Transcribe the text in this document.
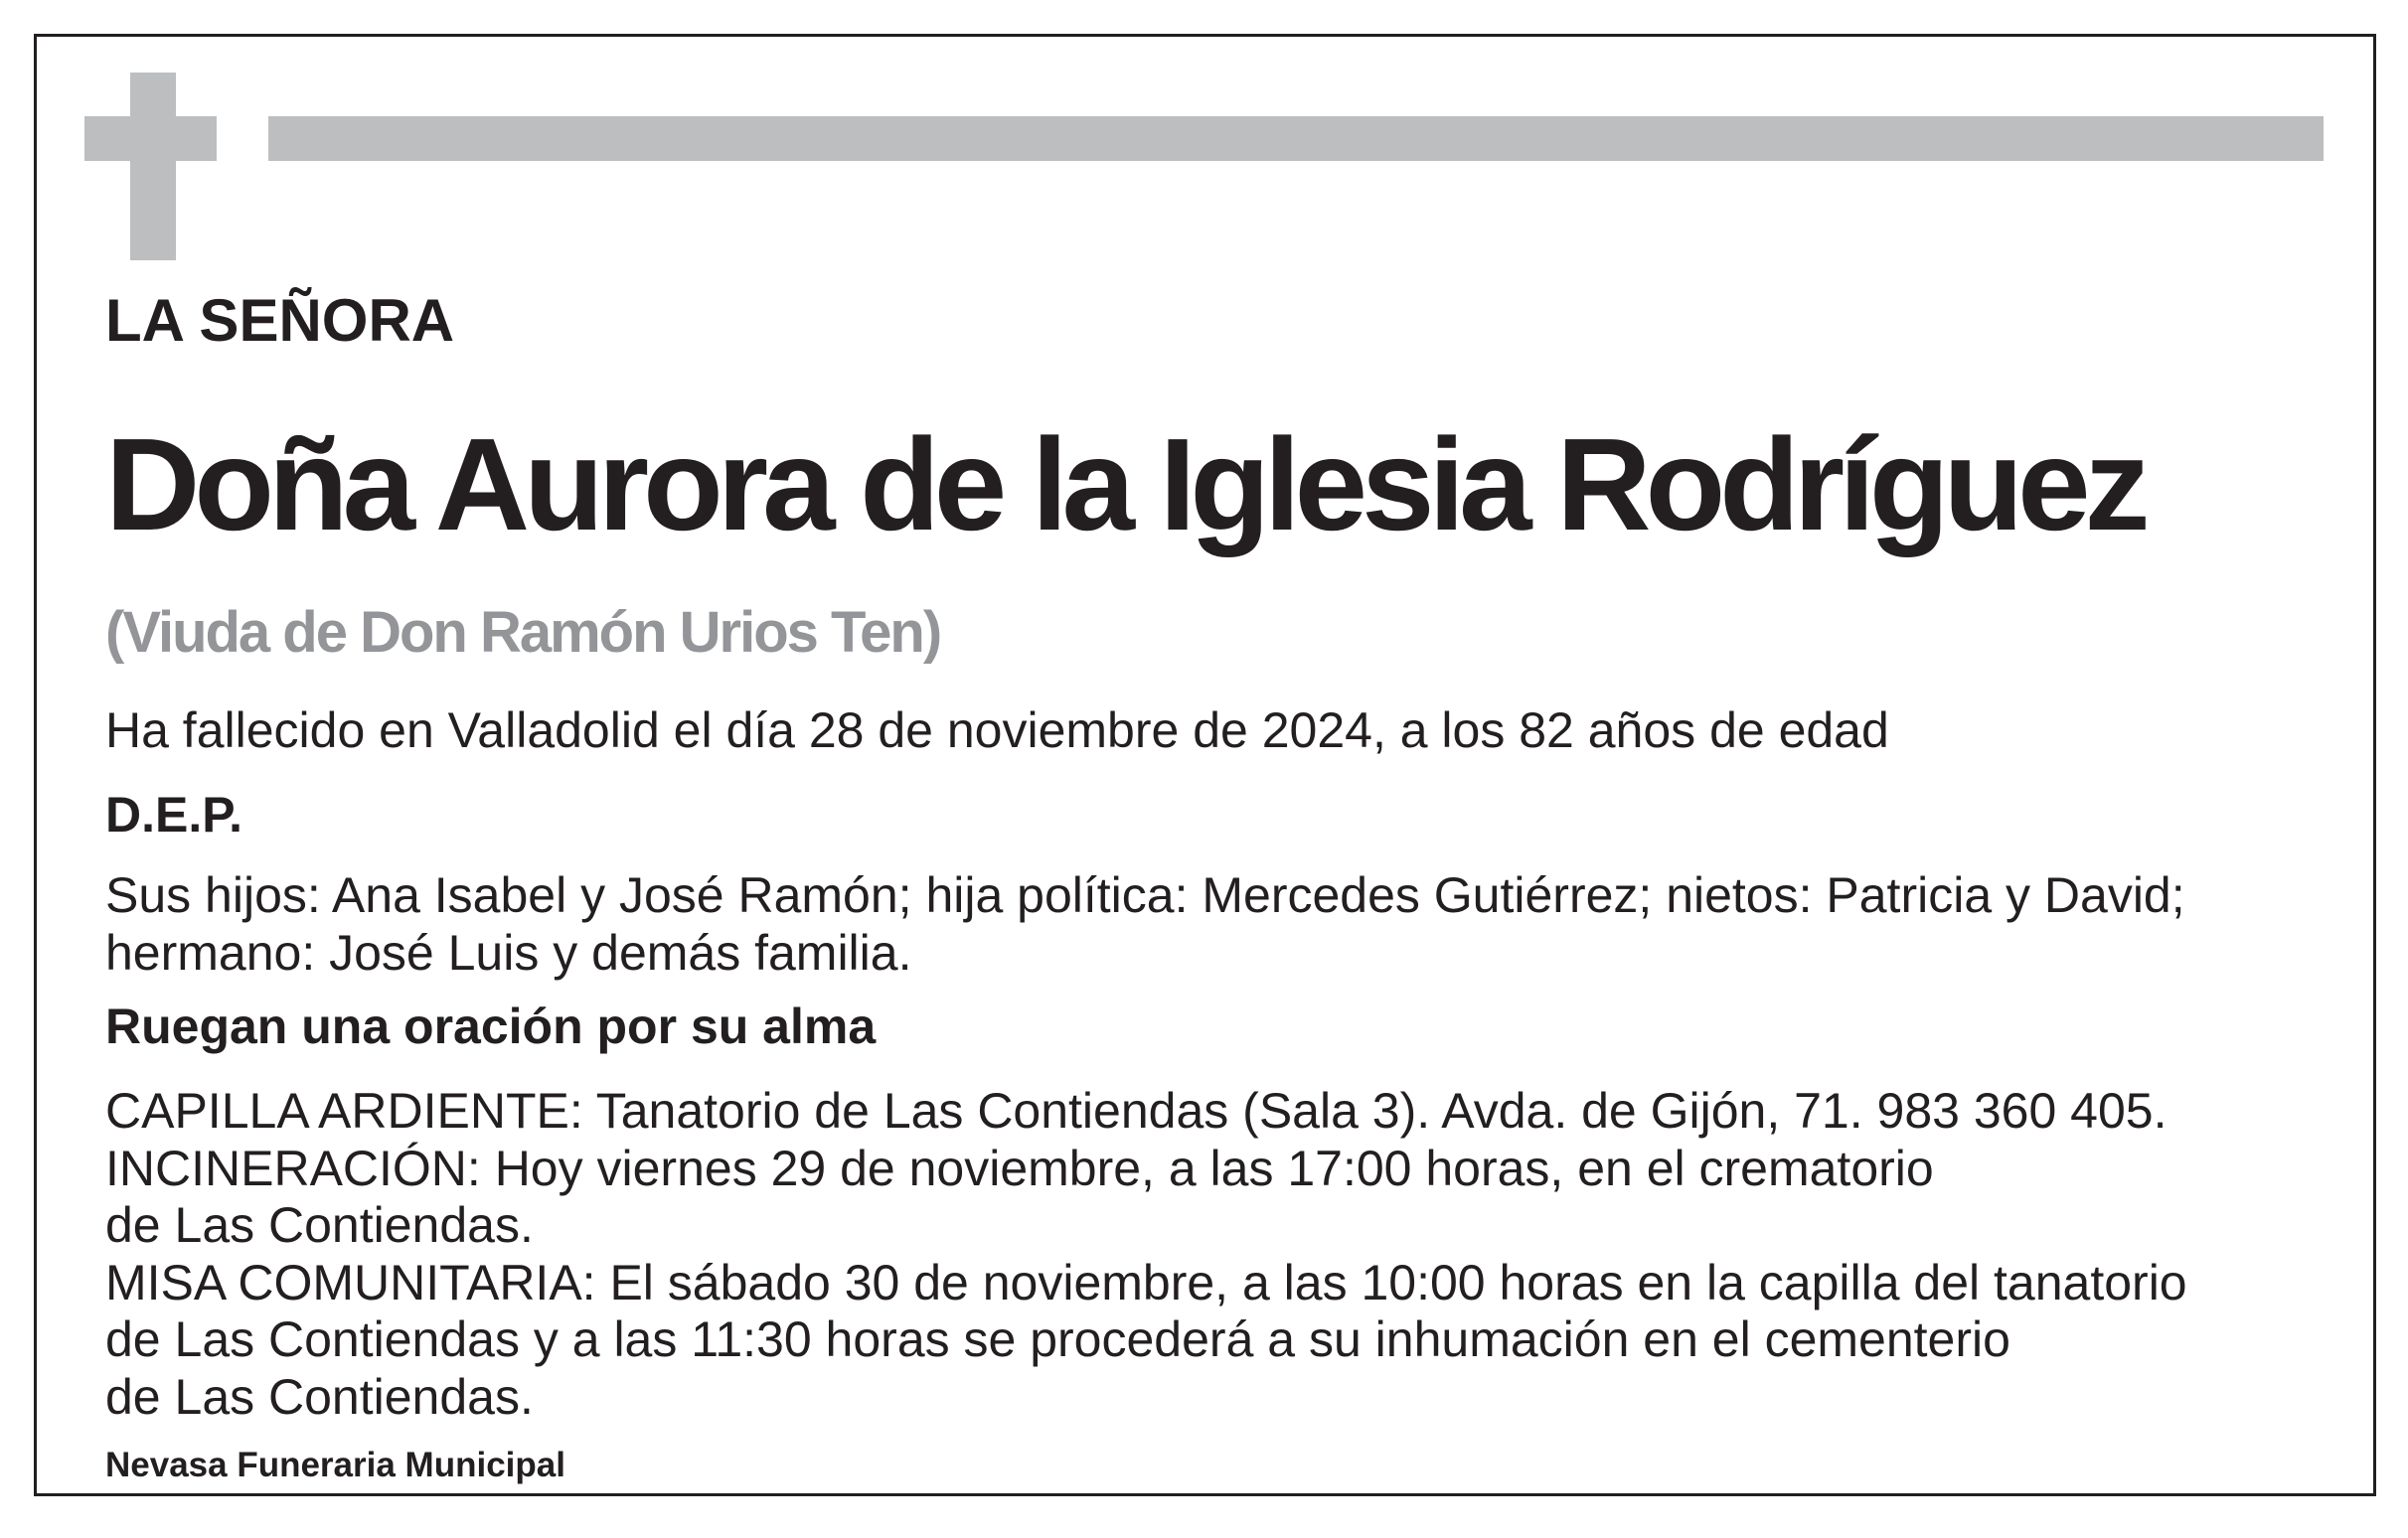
LA SEÑORA
Doña Aurora de la Iglesia Rodríguez
(Viuda de Don Ramón Urios Ten)
Ha fallecido en Valladolid el día 28 de noviembre de 2024, a los 82 años de edad
D.E.P.
Sus hijos: Ana Isabel y José Ramón; hija política: Mercedes Gutiérrez; nietos: Patricia y David;
hermano: José Luis y demás familia.
Ruegan una oración por su alma
CAPILLA ARDIENTE: Tanatorio de Las Contiendas (Sala 3). Avda. de Gijón, 71. 983 360 405.
INCINERACIÓN: Hoy viernes 29 de noviembre, a las 17:00 horas, en el crematorio
de Las Contiendas.
MISA COMUNITARIA: El sábado 30 de noviembre, a las 10:00 horas en la capilla del tanatorio
de Las Contiendas y a las 11:30 horas se procederá a su inhumación en el cementerio
de Las Contiendas.
Nevasa Funeraria Municipal
